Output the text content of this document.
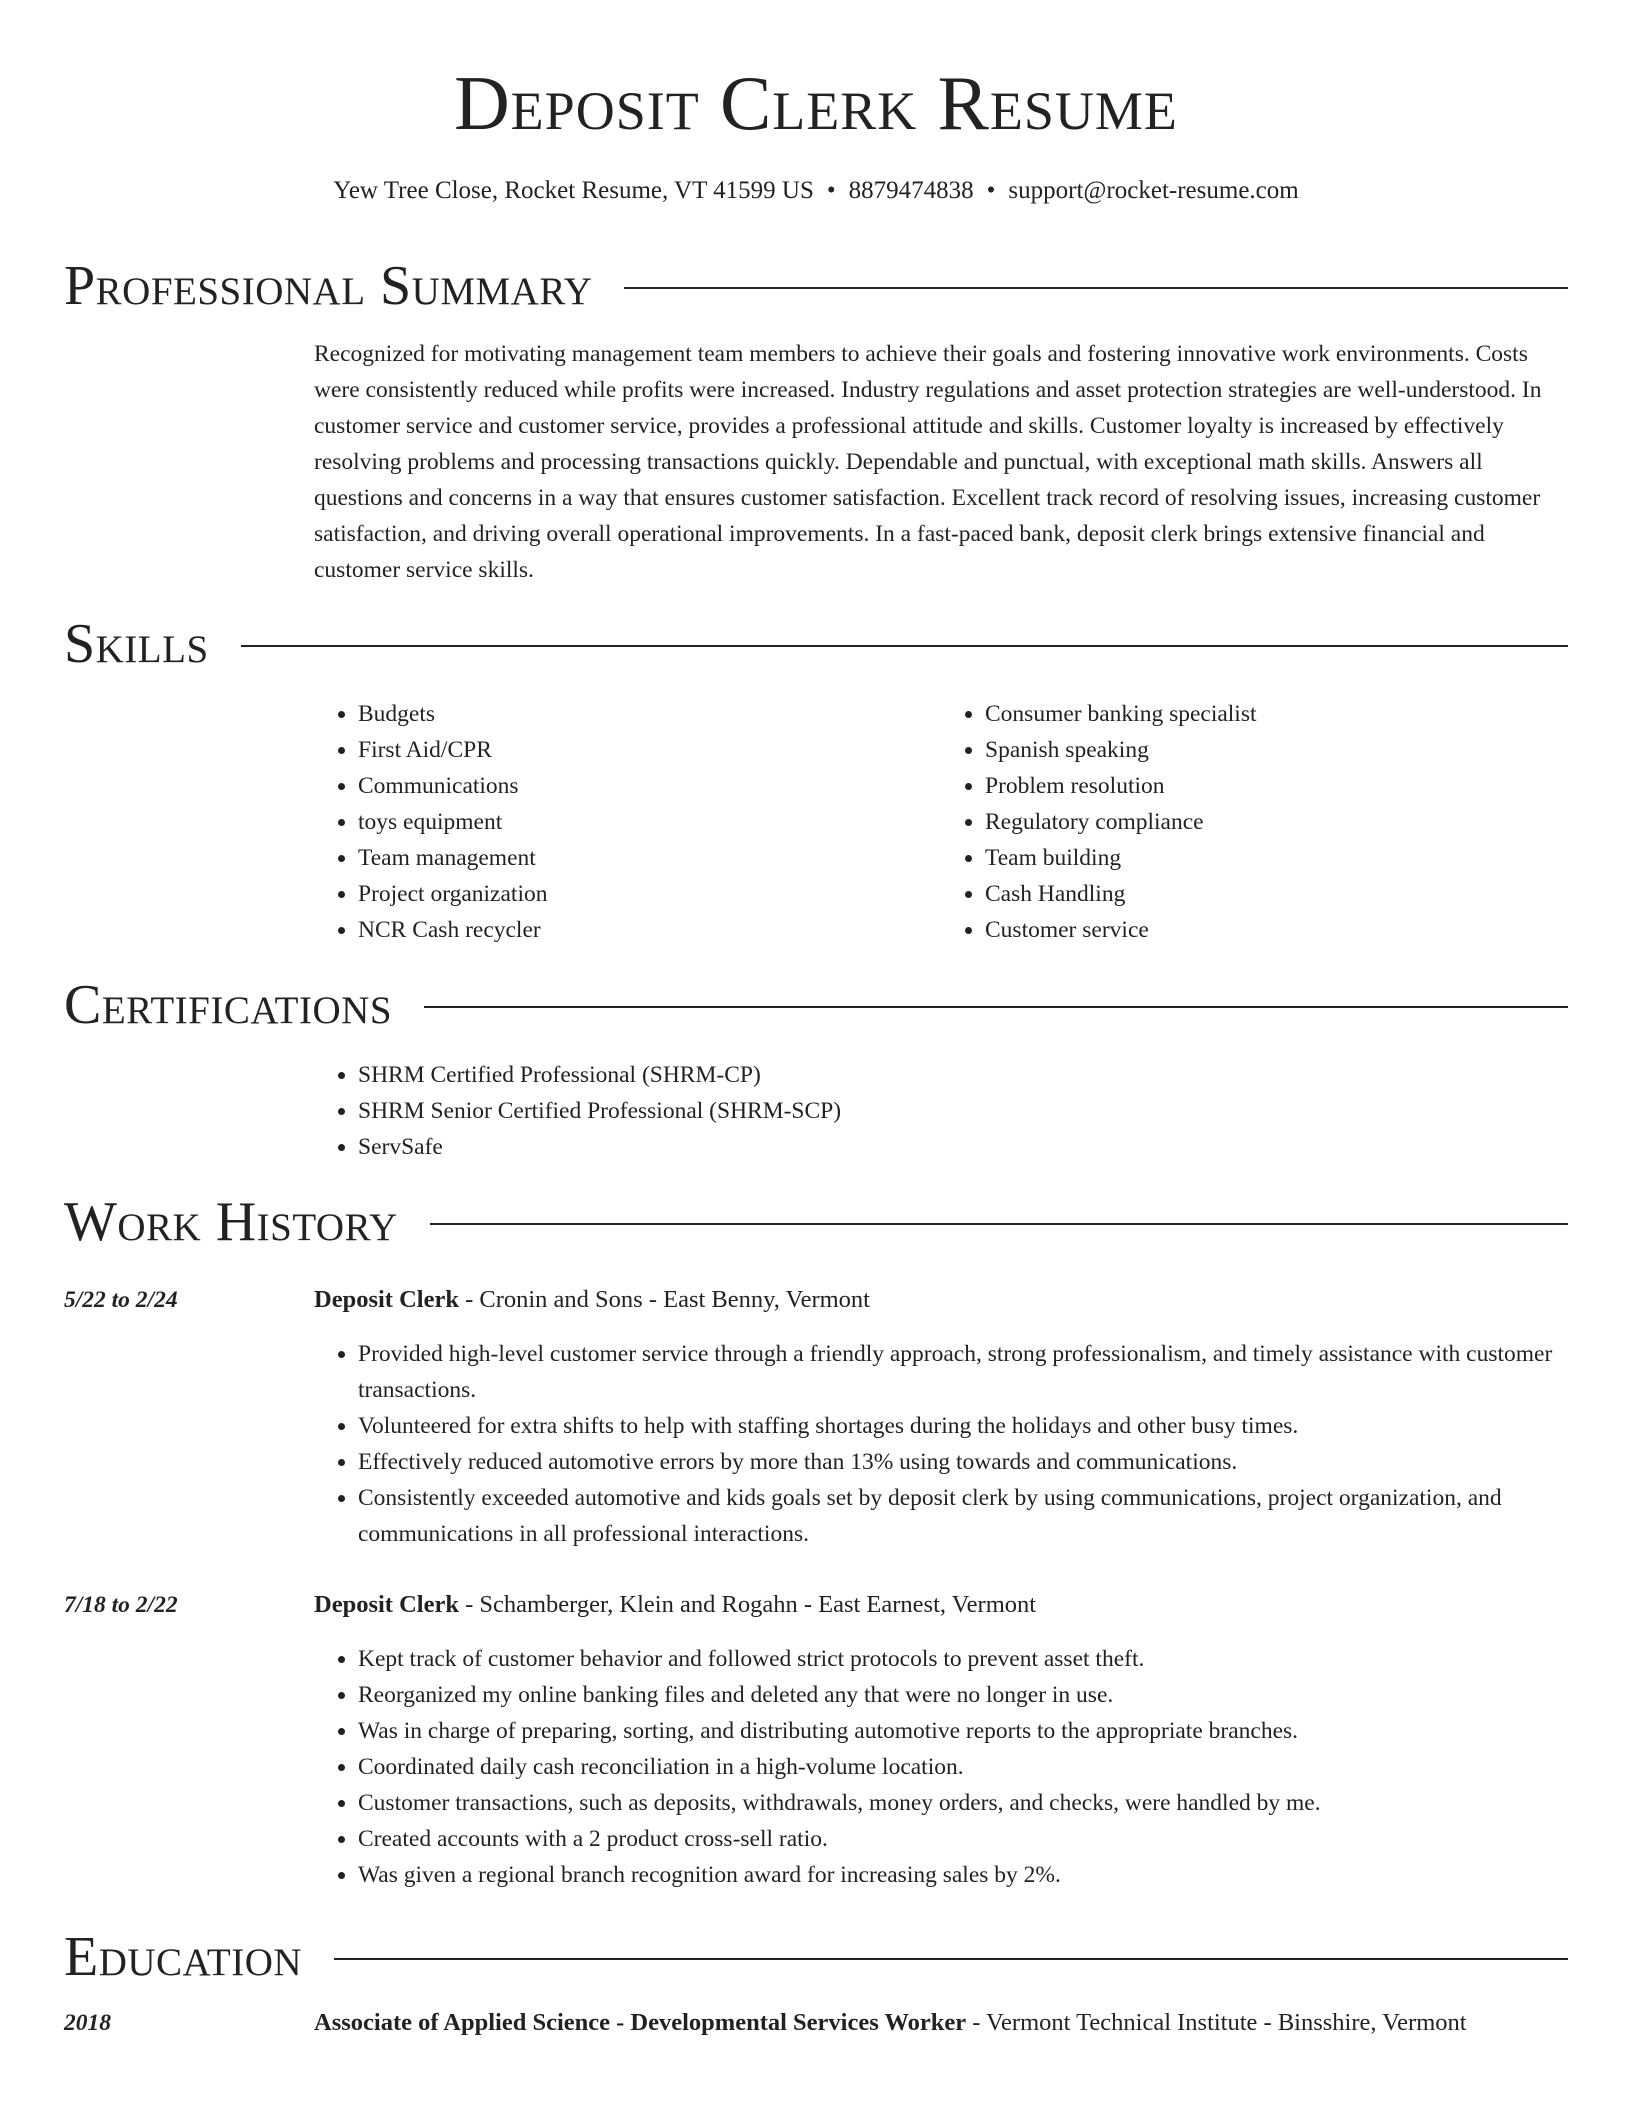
Deposit Clerk Resume
Yew Tree Close, Rocket Resume, VT 41599 US • 8879474838 • support@rocket-resume.com
Professional Summary
Recognized for motivating management team members to achieve their goals and fostering innovative work environments. Costs were consistently reduced while profits were increased. Industry regulations and asset protection strategies are well-understood. In customer service and customer service, provides a professional attitude and skills. Customer loyalty is increased by effectively resolving problems and processing transactions quickly. Dependable and punctual, with exceptional math skills. Answers all questions and concerns in a way that ensures customer satisfaction. Excellent track record of resolving issues, increasing customer satisfaction, and driving overall operational improvements. In a fast-paced bank, deposit clerk brings extensive financial and customer service skills.
Skills
• Budgets
• First Aid/CPR
• Communications
• toys equipment
• Team management
• Project organization
• NCR Cash recycler
• Consumer banking specialist
• Spanish speaking
• Problem resolution
• Regulatory compliance
• Team building
• Cash Handling
• Customer service
Certifications
• SHRM Certified Professional (SHRM-CP)
• SHRM Senior Certified Professional (SHRM-SCP)
• ServSafe
Work History
5/22 to 2/24	Deposit Clerk - Cronin and Sons - East Benny, Vermont
• Provided high-level customer service through a friendly approach, strong professionalism, and timely assistance with customer transactions.
• Volunteered for extra shifts to help with staffing shortages during the holidays and other busy times.
• Effectively reduced automotive errors by more than 13% using towards and communications.
• Consistently exceeded automotive and kids goals set by deposit clerk by using communications, project organization, and communications in all professional interactions.
7/18 to 2/22	Deposit Clerk - Schamberger, Klein and Rogahn - East Earnest, Vermont
• Kept track of customer behavior and followed strict protocols to prevent asset theft.
• Reorganized my online banking files and deleted any that were no longer in use.
• Was in charge of preparing, sorting, and distributing automotive reports to the appropriate branches.
• Coordinated daily cash reconciliation in a high-volume location.
• Customer transactions, such as deposits, withdrawals, money orders, and checks, were handled by me.
• Created accounts with a 2 product cross-sell ratio.
• Was given a regional branch recognition award for increasing sales by 2%.
Education
2018	Associate of Applied Science - Developmental Services Worker - Vermont Technical Institute - Binsshire, Vermont
